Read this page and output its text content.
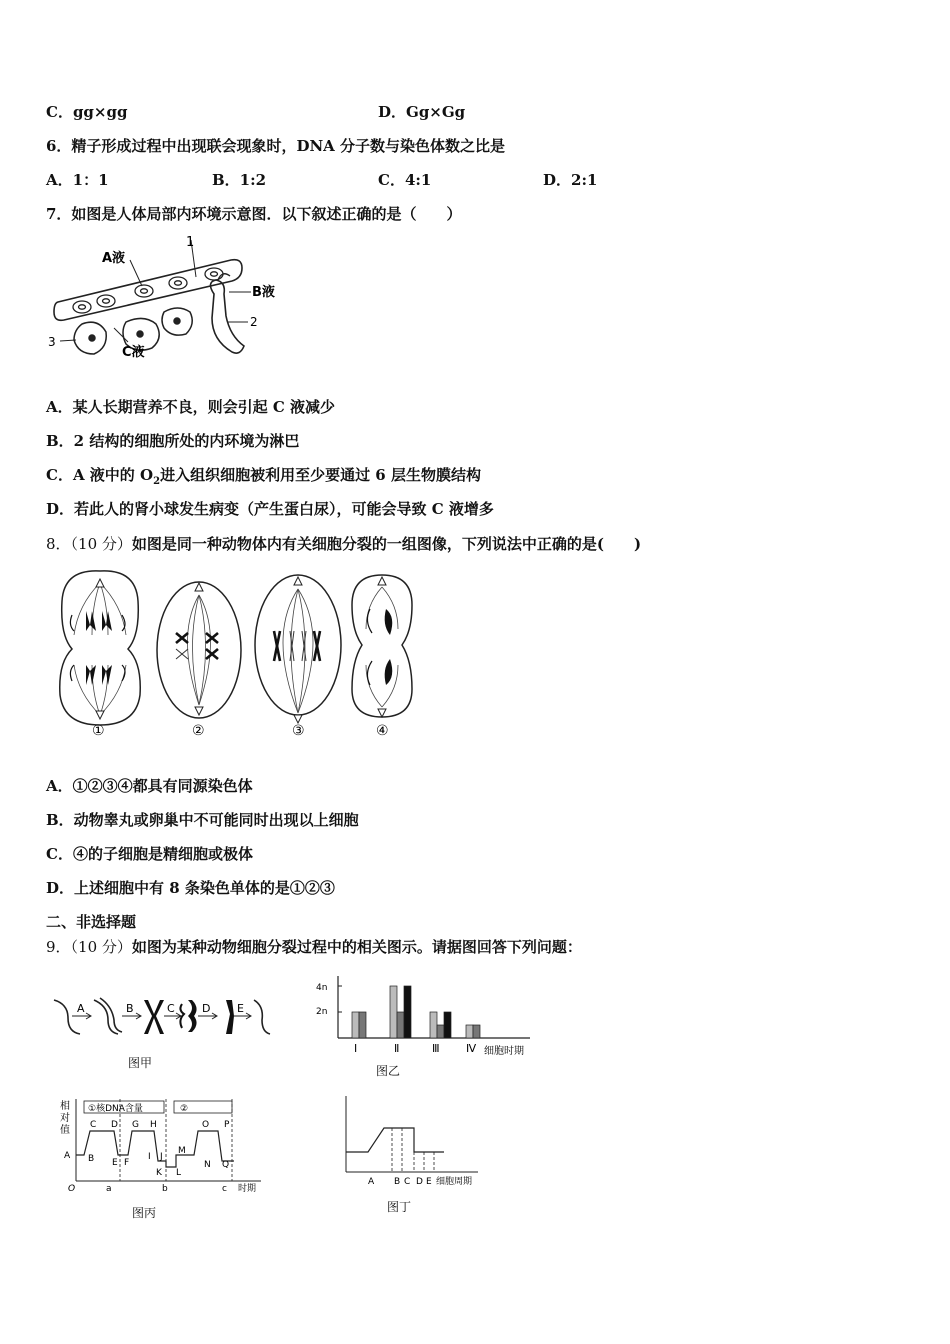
C．gg×gg	D．Gg×Gg
6．精子形成过程中出现联会现象时，DNA 分子数与染色体数之比是
A．1：1	B．1:2	C．4:1	D．2:1
7．如图是人体局部内环境示意图．以下叙述正确的是（　　）
1
A液
B液
2
3
C液
A．某人长期营养不良，则会引起 C 液减少
B．2 结构的细胞所处的内环境为淋巴
C．A 液中的 $O_2$进入组织细胞被利用至少要通过 6 层生物膜结构
D．若此人的肾小球发生病变（产生蛋白尿），可能会导致 C 液增多
8．（10 分）如图是同一种动物体内有关细胞分裂的一组图像，下列说法中正确的是(　　)
①	②	③	④
A．①②③④都具有同源染色体
B．动物睾丸或卵巢中不可能同时出现以上细胞
C．④的子细胞是精细胞或极体
D．上述细胞中有 8 条染色单体的是①②③
二、非选择题
9．（10 分）如图为某种动物细胞分裂过程中的相关图示。请据图回答下列问题：
A	B	C D E
图甲
4n
2n
Ⅰ	Ⅱ	Ⅲ Ⅳ 细胞时期
图乙
相
对
值
①核DNA含量	②
A B
C D
E F
G H
I J
K L
M
N
O P
Q
O	a	b	c 时期
图丙
A B C D E 细胞周期
图丁
